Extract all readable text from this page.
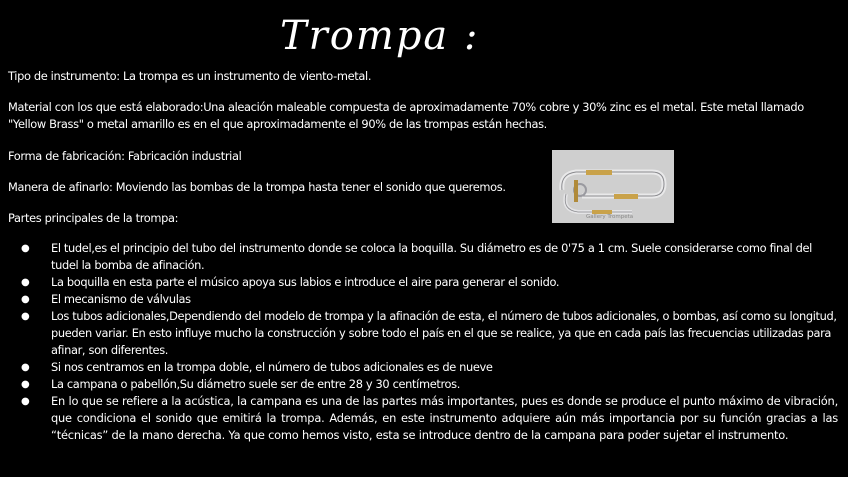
Trompa :
Tipo de instrumento: La trompa es un instrumento de viento-metal.
Material con los que está elaborado:Una aleación maleable compuesta de aproximadamente 70% cobre y 30% zinc es el metal. Este metal llamado "Yellow Brass" o metal amarillo es en el que aproximadamente el 90% de las trompas están hechas.
Forma de fabricación: Fabricación industrial
Manera de afinarlo: Moviendo las bombas de la trompa hasta tener el sonido que queremos.
Partes principales de la trompa:	Gallery Trompeta
● El tudel,es el principio del tubo del instrumento donde se coloca la boquilla. Su diámetro es de 0'75 a 1 cm. Suele considerarse como final del tudel la bomba de afinación.
● La boquilla en esta parte el músico apoya sus labios e introduce el aire para generar el sonido.
● El mecanismo de válvulas
● Los tubos adicionales,Dependiendo del modelo de trompa y la afinación de esta, el número de tubos adicionales, o bombas, así como su longitud, pueden variar. En esto influye mucho la construcción y sobre todo el país en el que se realice, ya que en cada país las frecuencias utilizadas para afinar, son diferentes.
● Si nos centramos en la trompa doble, el número de tubos adicionales es de nueve
● La campana o pabellón,Su diámetro suele ser de entre 28 y 30 centímetros.
● En lo que se refiere a la acústica, la campana es una de las partes más importantes, pues es donde se produce el punto máximo de vibración, que condiciona el sonido que emitirá la trompa. Además, en este instrumento adquiere aún más importancia por su función gracias a las “técnicas” de la mano derecha. Ya que como hemos visto, esta se introduce dentro de la campana para poder sujetar el instrumento.
